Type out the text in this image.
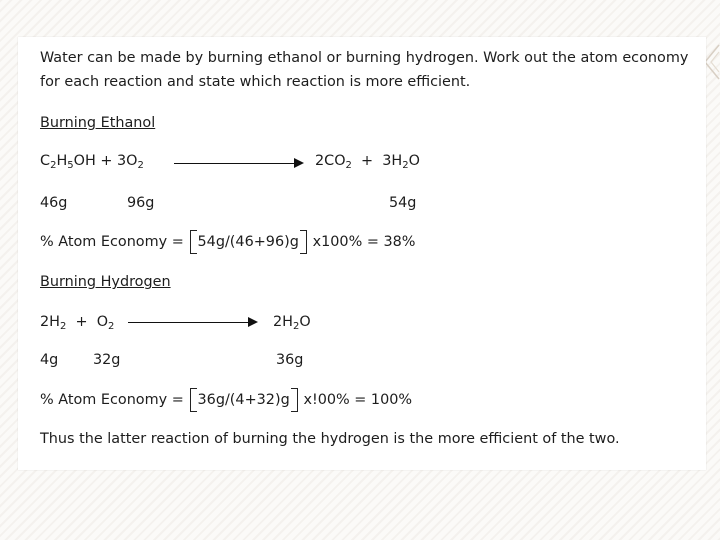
Water can be made by burning ethanol or burning hydrogen. Work out the atom economy
for each reaction and state which reaction is more efficient.
Burning Ethanol
$C_2H_5OH + 3O_2$	$2CO_2 + 3H_2O$
46g	96g	54g
% Atom Economy = 54g/(46+96)g x100% = 38%
Burning Hydrogen
$2H_2 + O_2$	$2H_2O$
4g 32g	36g
% Atom Economy = 36g/(4+32)g x!00% = 100%
Thus the latter reaction of burning the hydrogen is the more efficient of the two.
